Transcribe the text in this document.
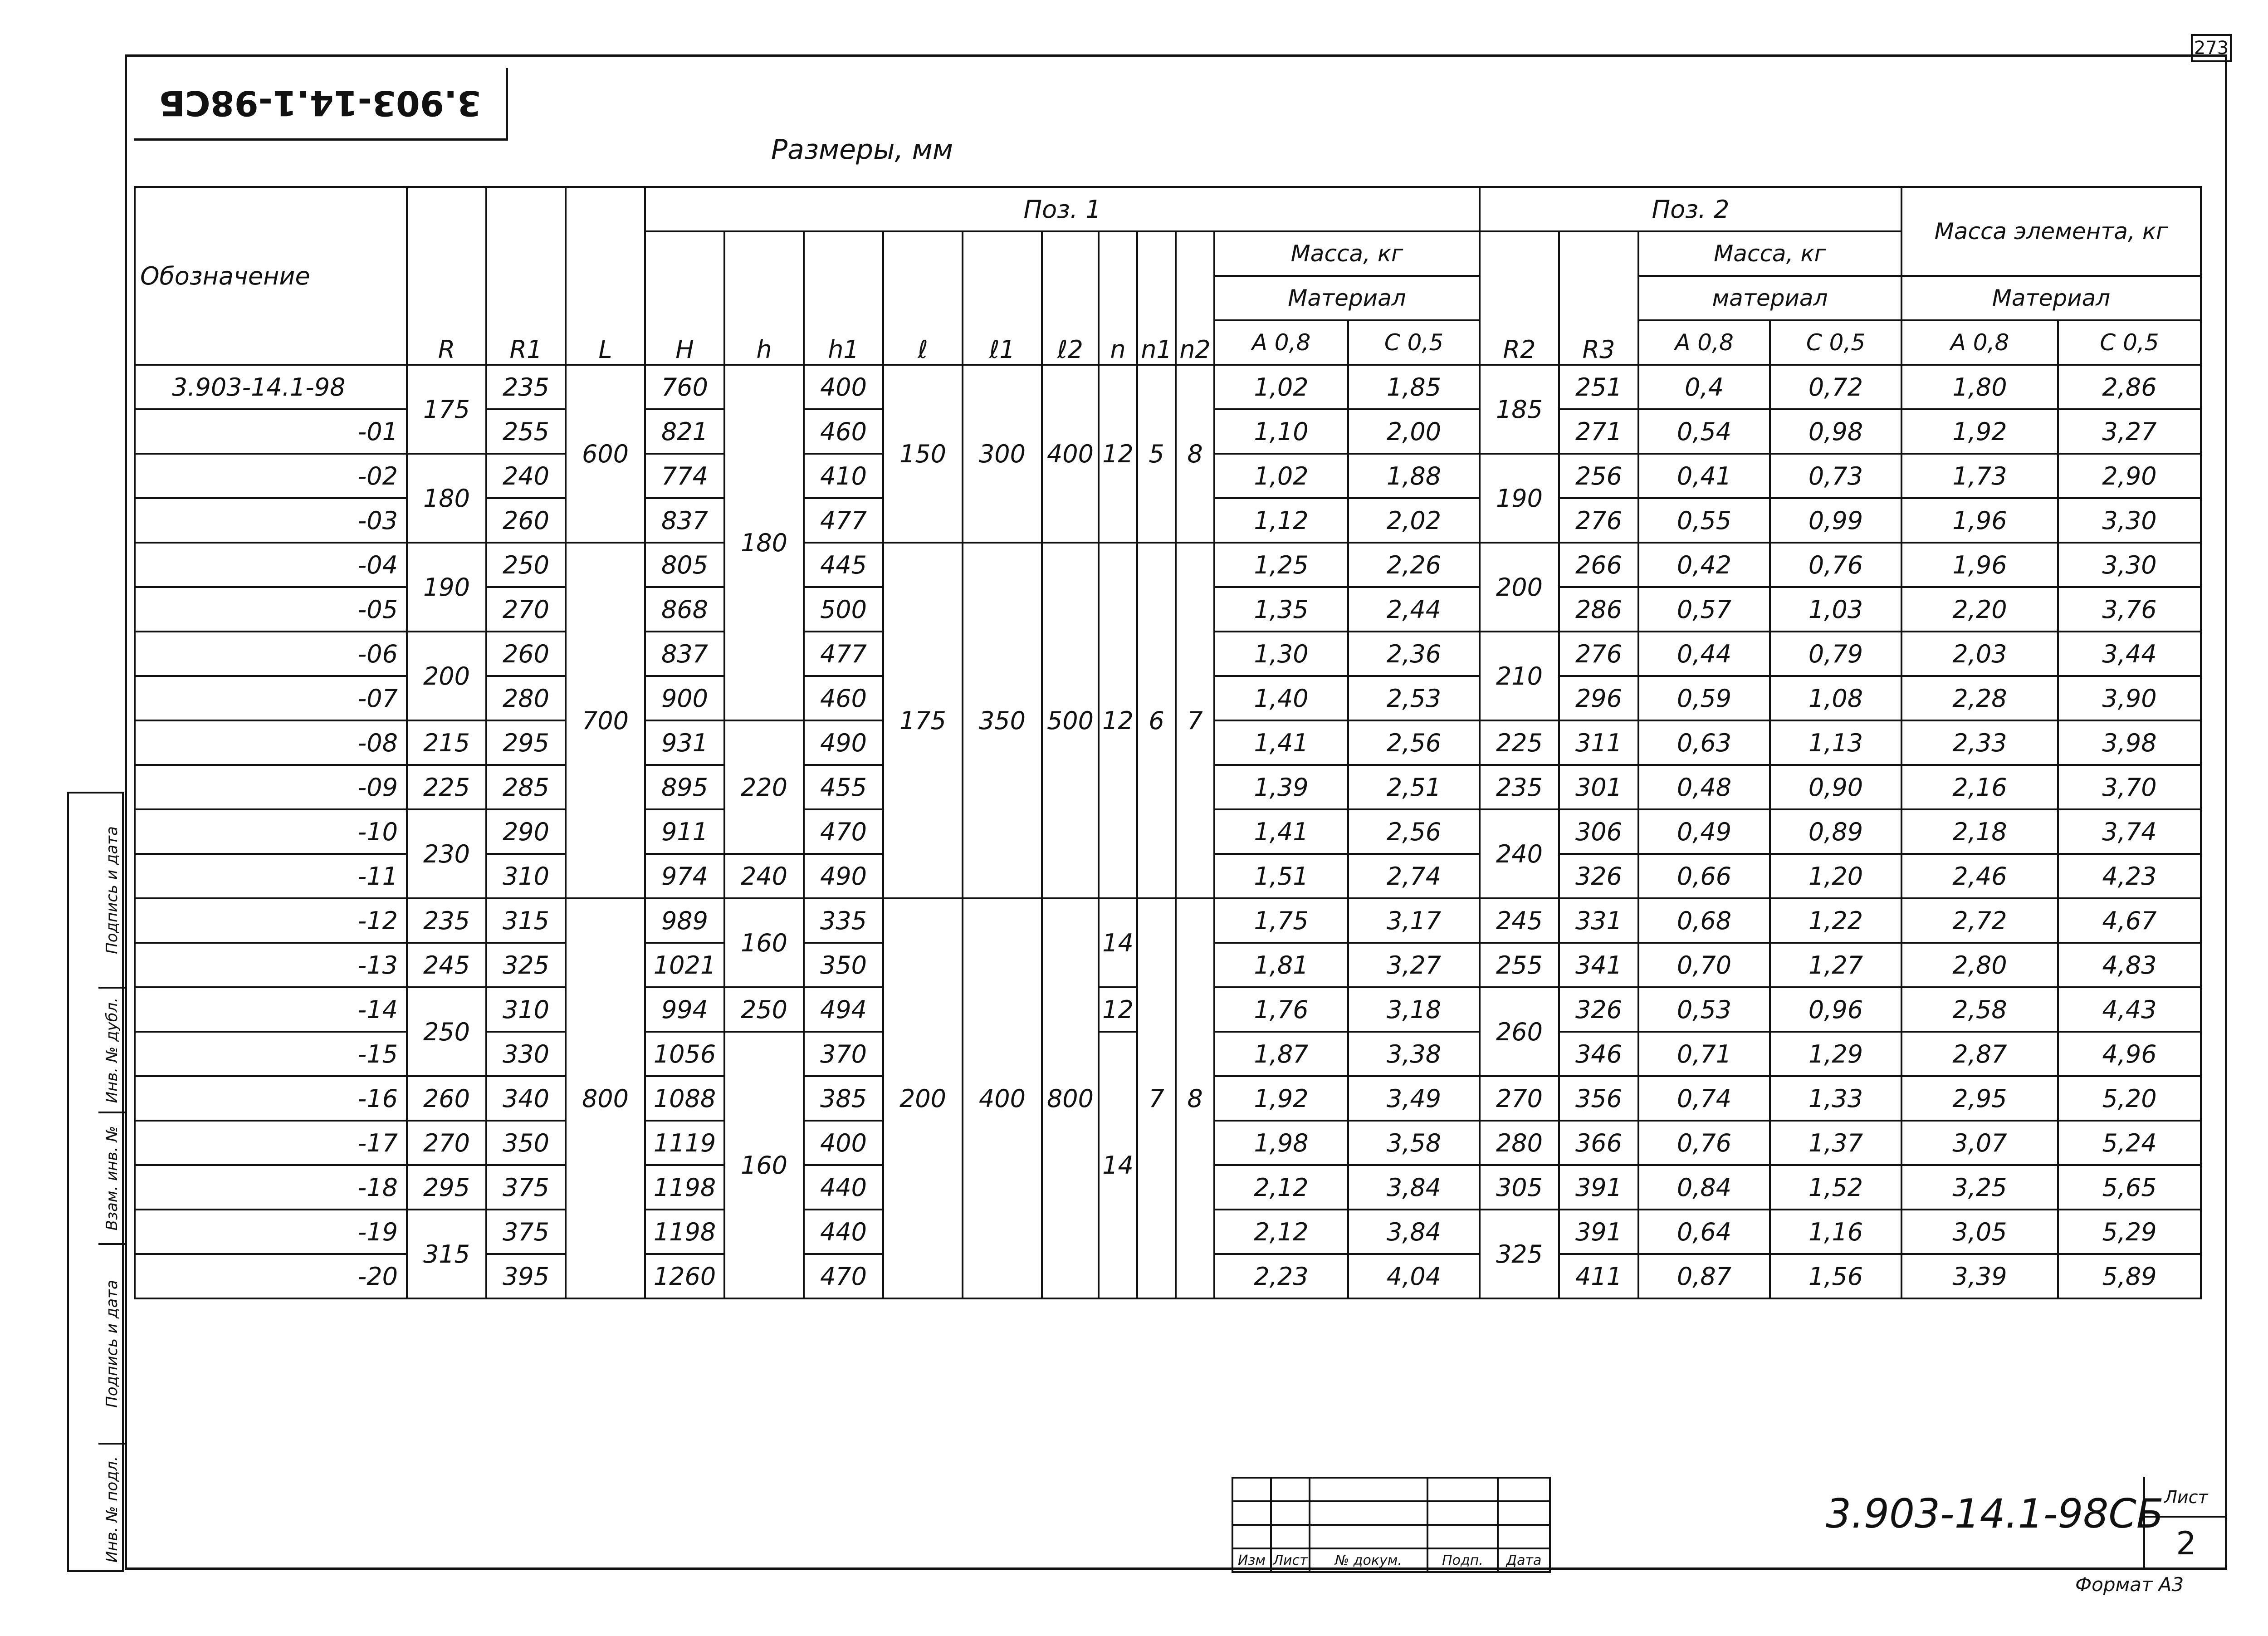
273
3.903-14.1-98СБ
Размеры, мм
Обозначение	R	R1	L	Поз. 1											Поз. 2				Масса элемента, кг	
				H	h	h1	ℓ	ℓ1	ℓ2	n	n1	n2	Масса, кг		R2	R3	Масса, кг			
													Материал				материал		Материал	
													А 0,8	С 0,5			А 0,8	С 0,5	А 0,8	С 0,5
3.903-14.1-98	175	235	600	760	180	400	150	300	400	12	5	8	1,02	1,85	185	251	0,4	0,72	1,80	2,86
-01		255		821		460							1,10	2,00		271	0,54	0,98	1,92	3,27
-02	180	240		774		410							1,02	1,88	190	256	0,41	0,73	1,73	2,90
-03		260		837		477							1,12	2,02		276	0,55	0,99	1,96	3,30
-04	190	250	700	805		445	175	350	500	12	6	7	1,25	2,26	200	266	0,42	0,76	1,96	3,30
-05		270		868		500							1,35	2,44		286	0,57	1,03	2,20	3,76
-06	200	260		837		477							1,30	2,36	210	276	0,44	0,79	2,03	3,44
-07		280		900		460							1,40	2,53		296	0,59	1,08	2,28	3,90
-08	215	295		931	220	490							1,41	2,56	225	311	0,63	1,13	2,33	3,98
-09	225	285		895		455							1,39	2,51	235	301	0,48	0,90	2,16	3,70
-10	230	290		911		470							1,41	2,56	240	306	0,49	0,89	2,18	3,74
-11		310		974	240	490							1,51	2,74		326	0,66	1,20	2,46	4,23
-12	235	315	800	989	160	335	200	400	800	14	7	8	1,75	3,17	245	331	0,68	1,22	2,72	4,67
-13	245	325		1021		350							1,81	3,27	255	341	0,70	1,27	2,80	4,83
-14	250	310		994	250	494				12			1,76	3,18	260	326	0,53	0,96	2,58	4,43
-15		330		1056	160	370				14			1,87	3,38		346	0,71	1,29	2,87	4,96
-16	260	340		1088		385							1,92	3,49	270	356	0,74	1,33	2,95	5,20
-17	270	350		1119		400							1,98	3,58	280	366	0,76	1,37	3,07	5,24
-18	295	375		1198		440							2,12	3,84	305	391	0,84	1,52	3,25	5,65
-19	315	375		1198		440							2,12	3,84	325	391	0,64	1,16	3,05	5,29
-20		395		1260		470							2,23	4,04		411	0,87	1,56	3,39	5,89
Подпись и дата
Инв. № дубл.
Взам. инв. №
Подпись и дата
Инв. № подл.

					Изм	Лист	№ докум.	Подп.	Дата
3.903-14.1-98СБ Лист
2
Формат А3
